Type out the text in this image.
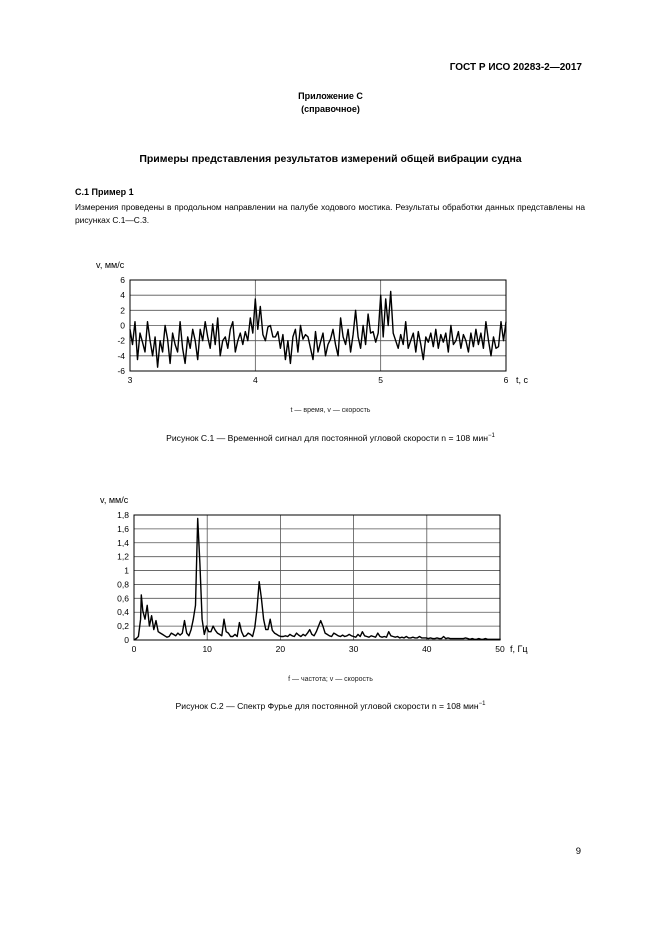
ГОСТ Р ИСО 20283-2—2017
Приложение С
(справочное)
Примеры представления результатов измерений общей вибрации судна
С.1 Пример 1
Измерения проведены в продольном направлении на палубе ходового мостика. Результаты обработки данных представлены на рисунках С.1—С.3.
6
4
2
0
-2
-4
-6
3	4	5	6
v, мм/с
t, с
t — время, v — скорость
Рисунок С.1 — Временной сигнал для постоянной угловой скорости n = 108 мин$^{-1}$
1,8
1,6
1,4
1,2
1
0,8
0,6
0,4
0,2
0
0	10	20	30	40	50
v, мм/с
f, Гц
f — частота; v — скорость
Рисунок С.2 — Спектр Фурье для постоянной угловой скорости n = 108 мин$^{-1}$
9
